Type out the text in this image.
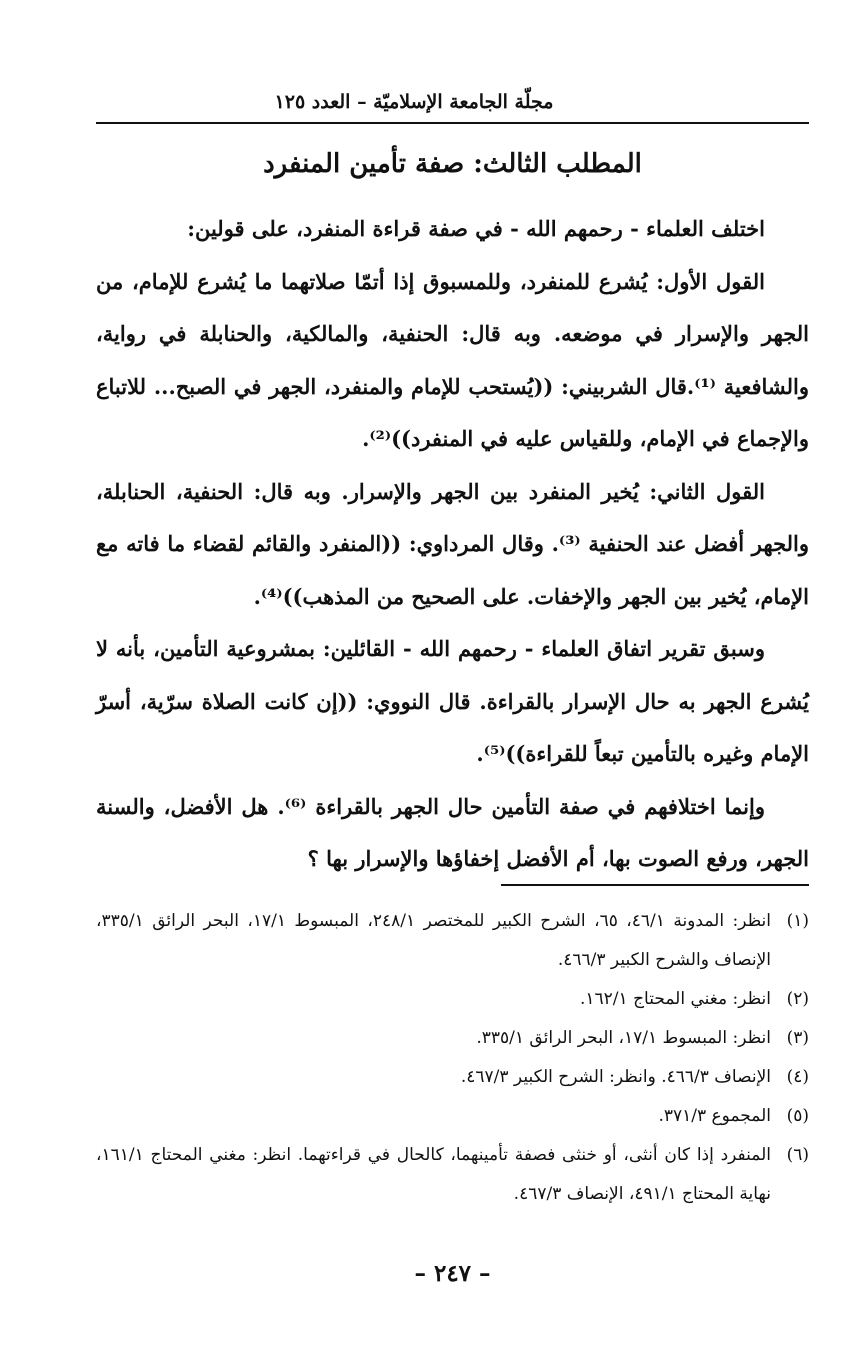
مجلّة الجامعة الإسلاميّة – العدد ١٢٥
المطلب الثالث: صفة تأمين المنفرد

اختلف العلماء - رحمهم الله - في صفة قراءة المنفرد، على قولين:

القول الأول: يُشرع للمنفرد، وللمسبوق إذا أتمّا صلاتهما ما يُشرع للإمام، من الجهر والإسرار في موضعه. وبه قال: الحنفية، والمالكية، والحنابلة في رواية، والشافعية ⁽¹⁾.قال الشربيني: ((يُستحب للإمام والمنفرد، الجهر في الصبح... للاتباع والإجماع في الإمام، وللقياس عليه في المنفرد))⁽²⁾.

القول الثاني: يُخير المنفرد بين الجهر والإسرار. وبه قال: الحنفية، الحنابلة، والجهر أفضل عند الحنفية ⁽³⁾. وقال المرداوي: ((المنفرد والقائم لقضاء ما فاته مع الإمام، يُخير بين الجهر والإخفات. على الصحيح من المذهب))⁽⁴⁾.

وسبق تقرير اتفاق العلماء - رحمهم الله - القائلين: بمشروعية التأمين، بأنه لا يُشرع الجهر به حال الإسرار بالقراءة. قال النووي: ((إن كانت الصلاة سرّية، أسرّ الإمام وغيره بالتأمين تبعاً للقراءة))⁽⁵⁾.

وإنما اختلافهم في صفة التأمين حال الجهر بالقراءة ⁽⁶⁾. هل الأفضل، والسنة الجهر، ورفع الصوت بها، أم الأفضل إخفاؤها والإسرار بها ؟

(١)
انظر: المدونة ٤٦/١، ٦٥، الشرح الكبير للمختصر ٢٤٨/١، المبسوط ١٧/١، البحر الرائق ٣٣٥/١، الإنصاف والشرح الكبير ٤٦٦/٣.
(٢)
انظر: مغني المحتاج ١٦٢/١.
(٣)
انظر: المبسوط ١٧/١، البحر الرائق ٣٣٥/١.
(٤)
الإنصاف ٤٦٦/٣. وانظر: الشرح الكبير ٤٦٧/٣.
(٥)
المجموع ٣٧١/٣.
(٦)
المنفرد إذا كان أنثى، أو خنثى فصفة تأمينهما، كالحال في قراءتهما. انظر: مغني المحتاج ١٦١/١، نهاية المحتاج ٤٩١/١، الإنصاف ٤٦٧/٣.
– ٢٤٧ –
